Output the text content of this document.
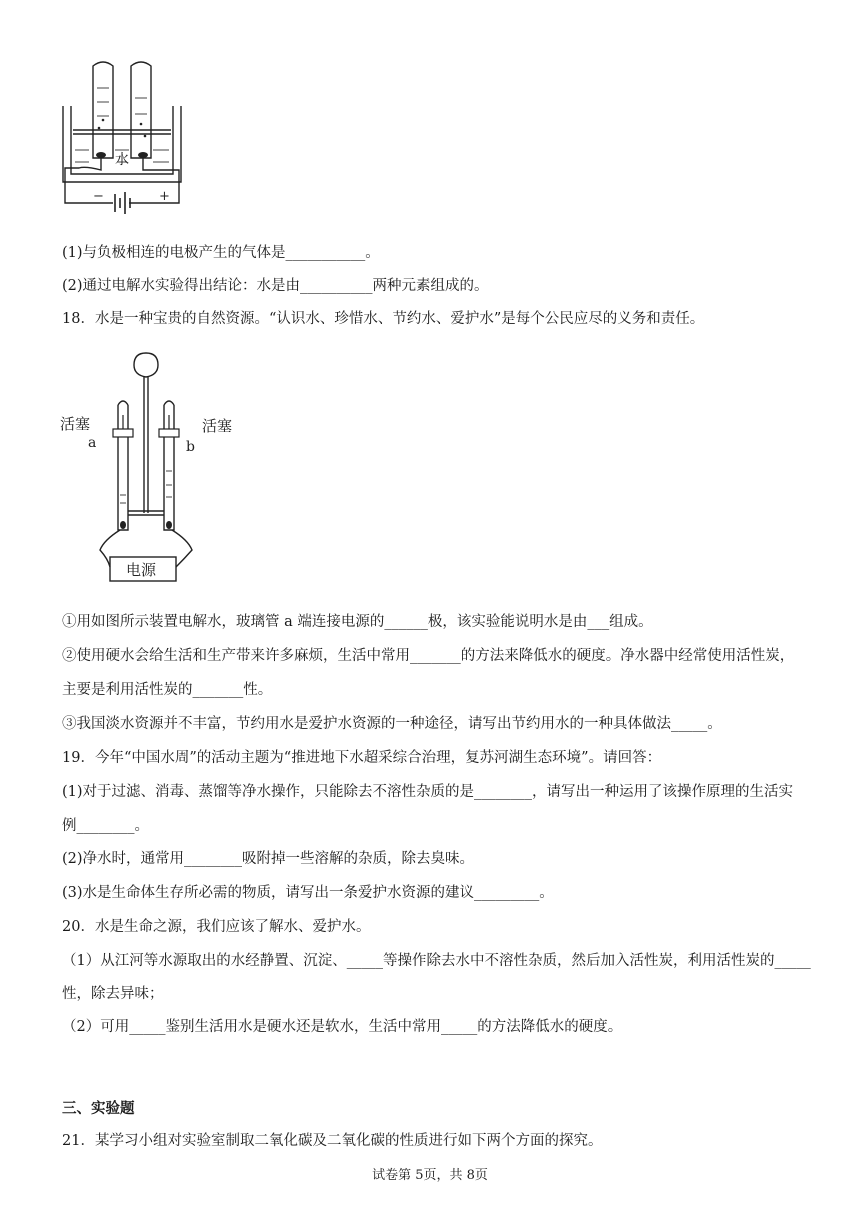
水
−	+
(1)与负极相连的电极产生的气体是___________。
(2)通过电解水实验得出结论：水是由__________两种元素组成的。
18．水是一种宝贵的自然资源。“认识水、珍惜水、节约水、爱护水”是每个公民应尽的义务和责任。
活塞	活塞
a	b
电源
①用如图所示装置电解水，玻璃管 a 端连接电源的______极，该实验能说明水是由___组成。
②使用硬水会给生活和生产带来许多麻烦，生活中常用_______的方法来降低水的硬度。净水器中经常使用活性炭，
主要是利用活性炭的_______性。
③我国淡水资源并不丰富，节约用水是爱护水资源的一种途径，请写出节约用水的一种具体做法_____。
19．今年“中国水周”的活动主题为“推进地下水超采综合治理，复苏河湖生态环境”。请回答：
(1)对于过滤、消毒、蒸馏等净水操作，只能除去不溶性杂质的是________，请写出一种运用了该操作原理的生活实
例________。
(2)净水时，通常用________吸附掉一些溶解的杂质，除去臭味。
(3)水是生命体生存所必需的物质，请写出一条爱护水资源的建议_________。
20．水是生命之源，我们应该了解水、爱护水。
（1）从江河等水源取出的水经静置、沉淀、_____等操作除去水中不溶性杂质，然后加入活性炭，利用活性炭的_____
性，除去异味；
（2）可用_____鉴别生活用水是硬水还是软水，生活中常用_____的方法降低水的硬度。
三、实验题
21．某学习小组对实验室制取二氧化碳及二氧化碳的性质进行如下两个方面的探究。
试卷第 5页，共 8页
